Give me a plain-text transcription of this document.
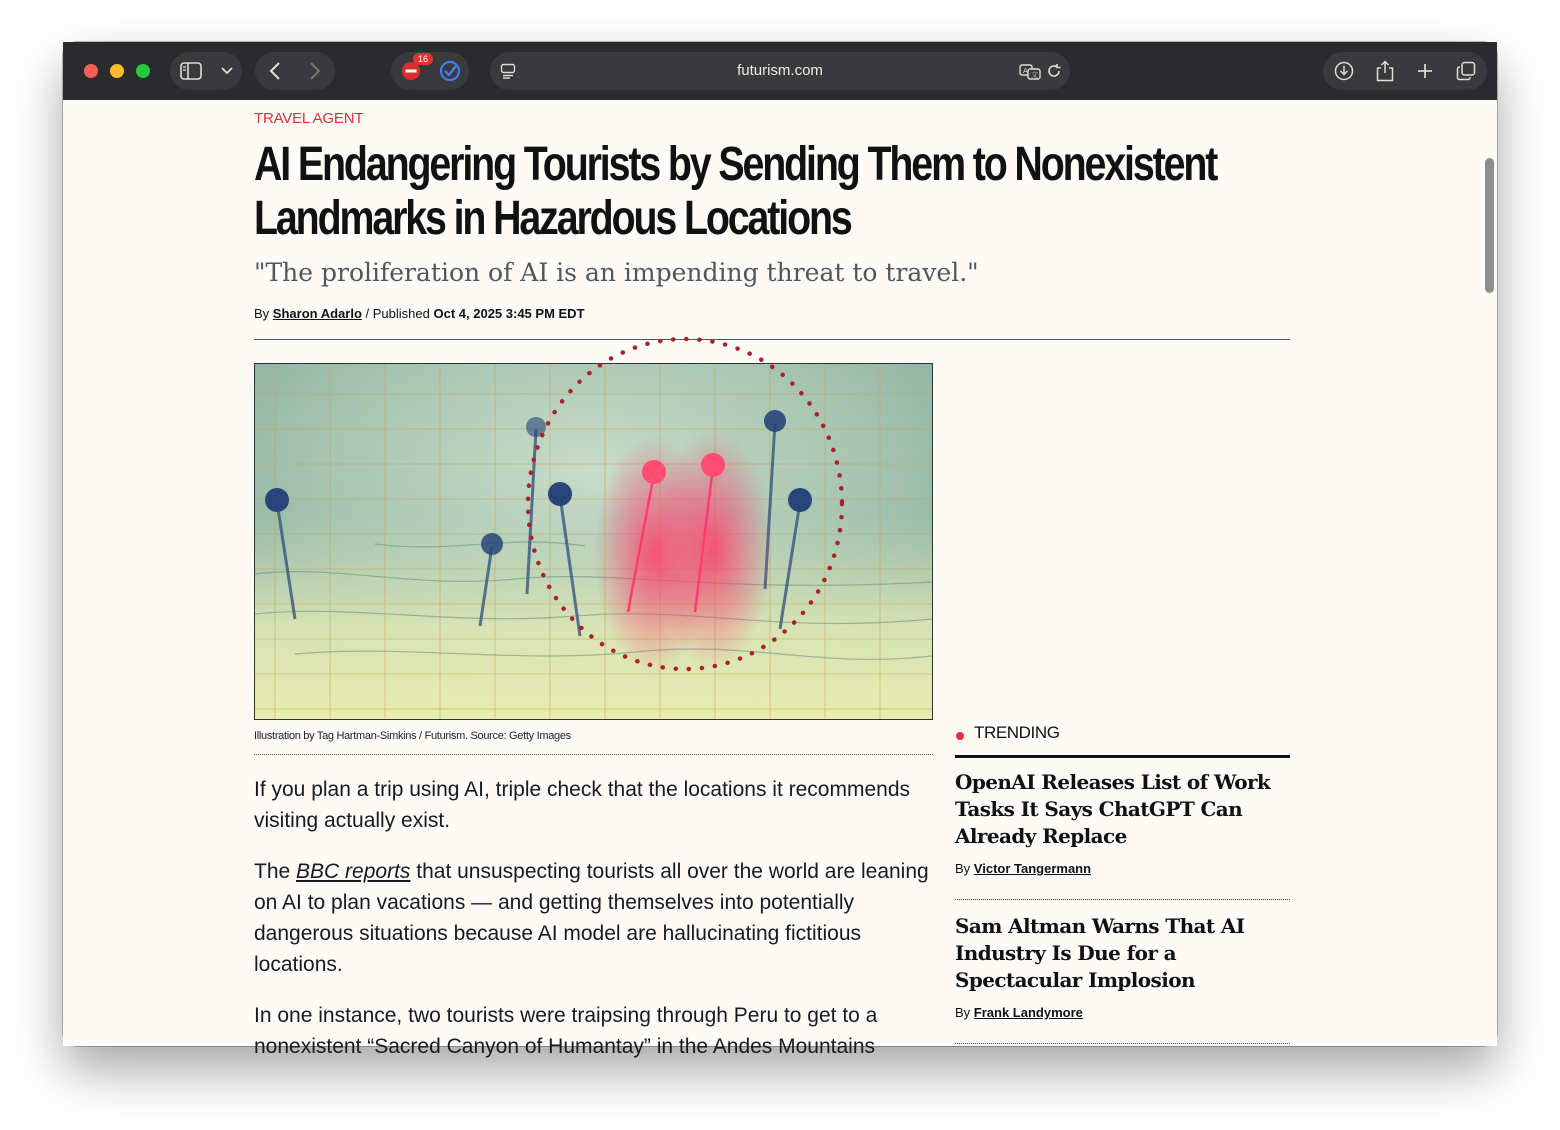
16
futurism.com	A 文
TRAVEL AGENT
AI Endangering Tourists by Sending Them to Nonexistent
Landmarks in Hazardous Locations
"The proliferation of AI is an impending threat to travel."
By Sharon Adarlo / Published Oct 4, 2025 3:45 PM EDT
Illustration by Tag Hartman-Simkins / Futurism. Source: Getty Images

If you plan a trip using AI, triple check that the locations it recommends visiting actually exist.

The BBC reports that unsuspecting tourists all over the world are leaning on AI to plan vacations — and getting themselves into potentially dangerous situations because AI model are hallucinating fictitious locations.

In one instance, two tourists were traipsing through Peru to get to a nonexistent “Sacred Canyon of Humantay” in the Andes Mountains

TRENDING
OpenAI Releases List of Work Tasks It Says ChatGPT Can Already Replace
By Victor Tangermann
Sam Altman Warns That AI Industry Is Due for a Spectacular Implosion
By Frank Landymore
